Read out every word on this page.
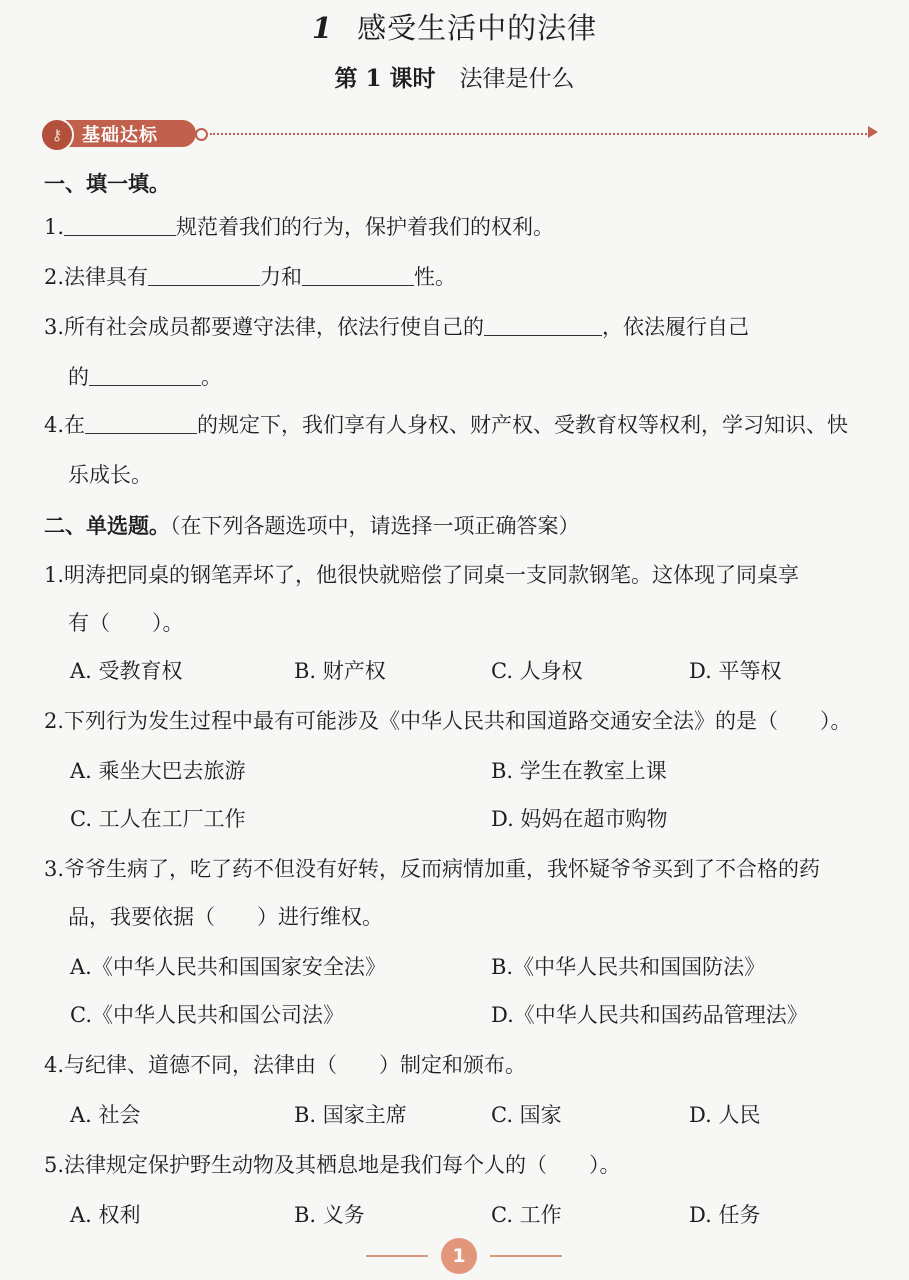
1 感受生活中的法律
第 1 课时 法律是什么
⚷	基础达标
一、填一填。
1.	规范着我们的行为，保护着我们的权利。
2.法律具有	力和	性。
3.所有社会成员都要遵守法律，依法行使自己的	，依法履行自己
的	。
4.在	的规定下，我们享有人身权、财产权、受教育权等权利，学习知识、快
乐成长。
二、单选题。（在下列各题选项中，请选择一项正确答案）
1.明涛把同桌的钢笔弄坏了，他很快就赔偿了同桌一支同款钢笔。这体现了同桌享
有（　　）。
A. 受教育权	B. 财产权	C. 人身权	D. 平等权
2.下列行为发生过程中最有可能涉及《中华人民共和国道路交通安全法》的是（　　）。
A. 乘坐大巴去旅游	B. 学生在教室上课
C. 工人在工厂工作	D. 妈妈在超市购物
3.爷爷生病了，吃了药不但没有好转，反而病情加重，我怀疑爷爷买到了不合格的药
品，我要依据（　　）进行维权。
A.《中华人民共和国国家安全法》	B.《中华人民共和国国防法》
C.《中华人民共和国公司法》	D.《中华人民共和国药品管理法》
4.与纪律、道德不同，法律由（　　）制定和颁布。
A. 社会	B. 国家主席	C. 国家	D. 人民
5.法律规定保护野生动物及其栖息地是我们每个人的（　　）。
A. 权利	B. 义务	C. 工作	D. 任务
1
